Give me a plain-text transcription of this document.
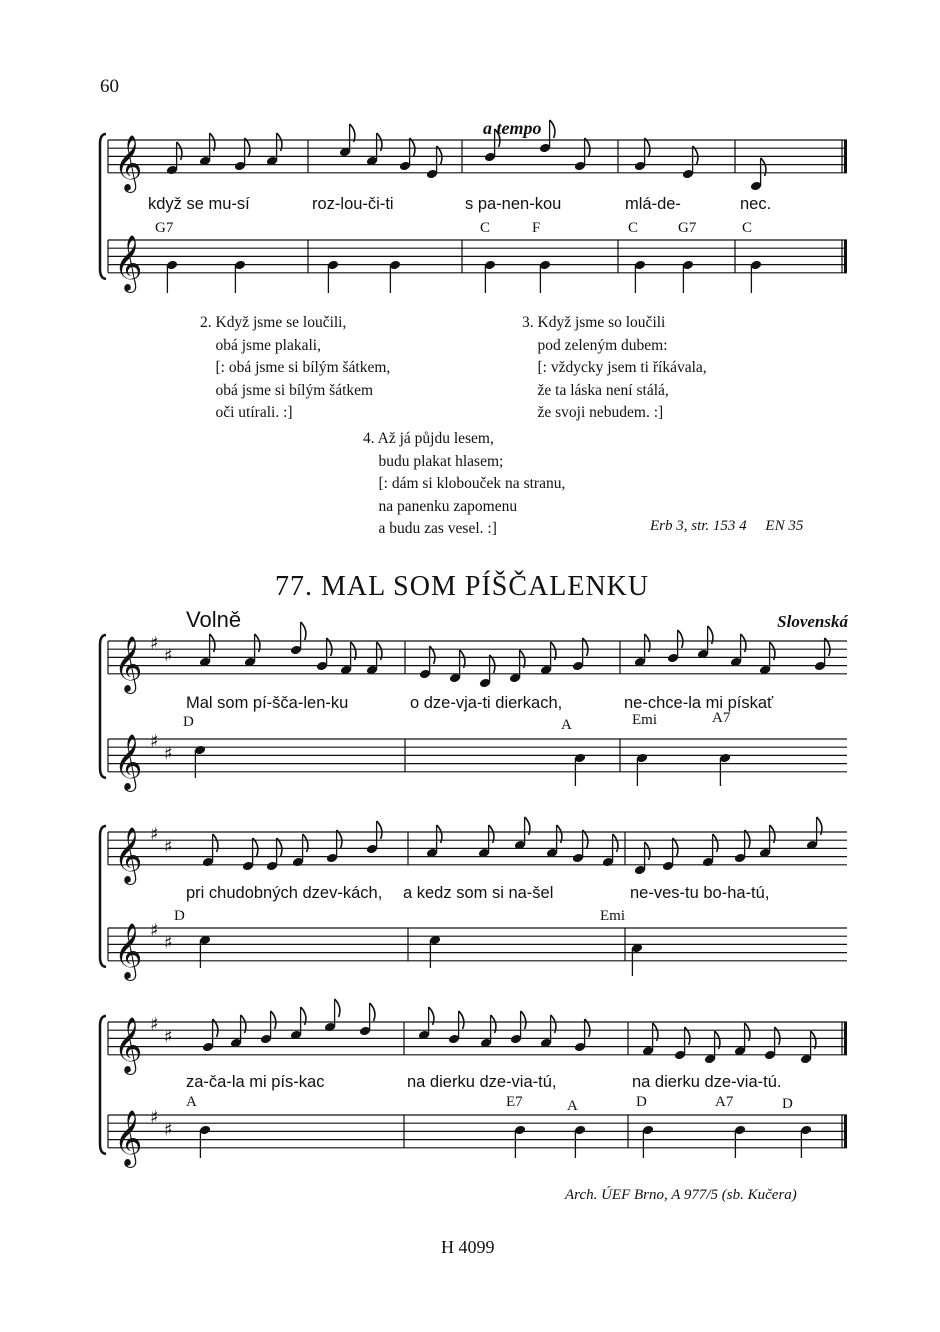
60
𝄞
𝄞
𝄞
𝄞
♯
♯
♯
♯
𝄞
𝄞
♯
♯
♯
♯
𝄞
𝄞
♯
♯
♯
♯
a tempo
když se mu-sí	roz-lou-či-ti	s pa-nen-kou	mlá-de-	nec.
G7	C	F	C	G7	C
2. Když jsme se loučili,
obá jsme plakali,
[: obá jsme si bílým šátkem,
obá jsme si bílým šátkem
oči utírali. :]
3. Když jsme so loučili
pod zeleným dubem:
[: vždycky jsem ti říkávala,
že ta láska není stálá,
že svoji nebudem. :]
4. Až já půjdu lesem,
budu plakat hlasem;
[: dám si klobouček na stranu,
na panenku zapomenu
a budu zas vesel. :]	Erb 3, str. 153 4     EN 35
77. MAL SOM PÍŠČALENKU
Volně	Slovenská
Mal som pí-šča-len-ku	o dze-vja-ti dierkach,	ne-chce-la mi pískať
D	A	Emi	A7
pri chudobných dzev-kách, a kedz som si na-šel	ne-ves-tu bo-ha-tú,
D	Emi
za-ča-la mi pís-kac	na dierku dze-via-tú,	na dierku dze-via-tú.
A	E7	A	D	A7	D
Arch. ÚEF Brno, A 977/5 (sb. Kučera)
H 4099
